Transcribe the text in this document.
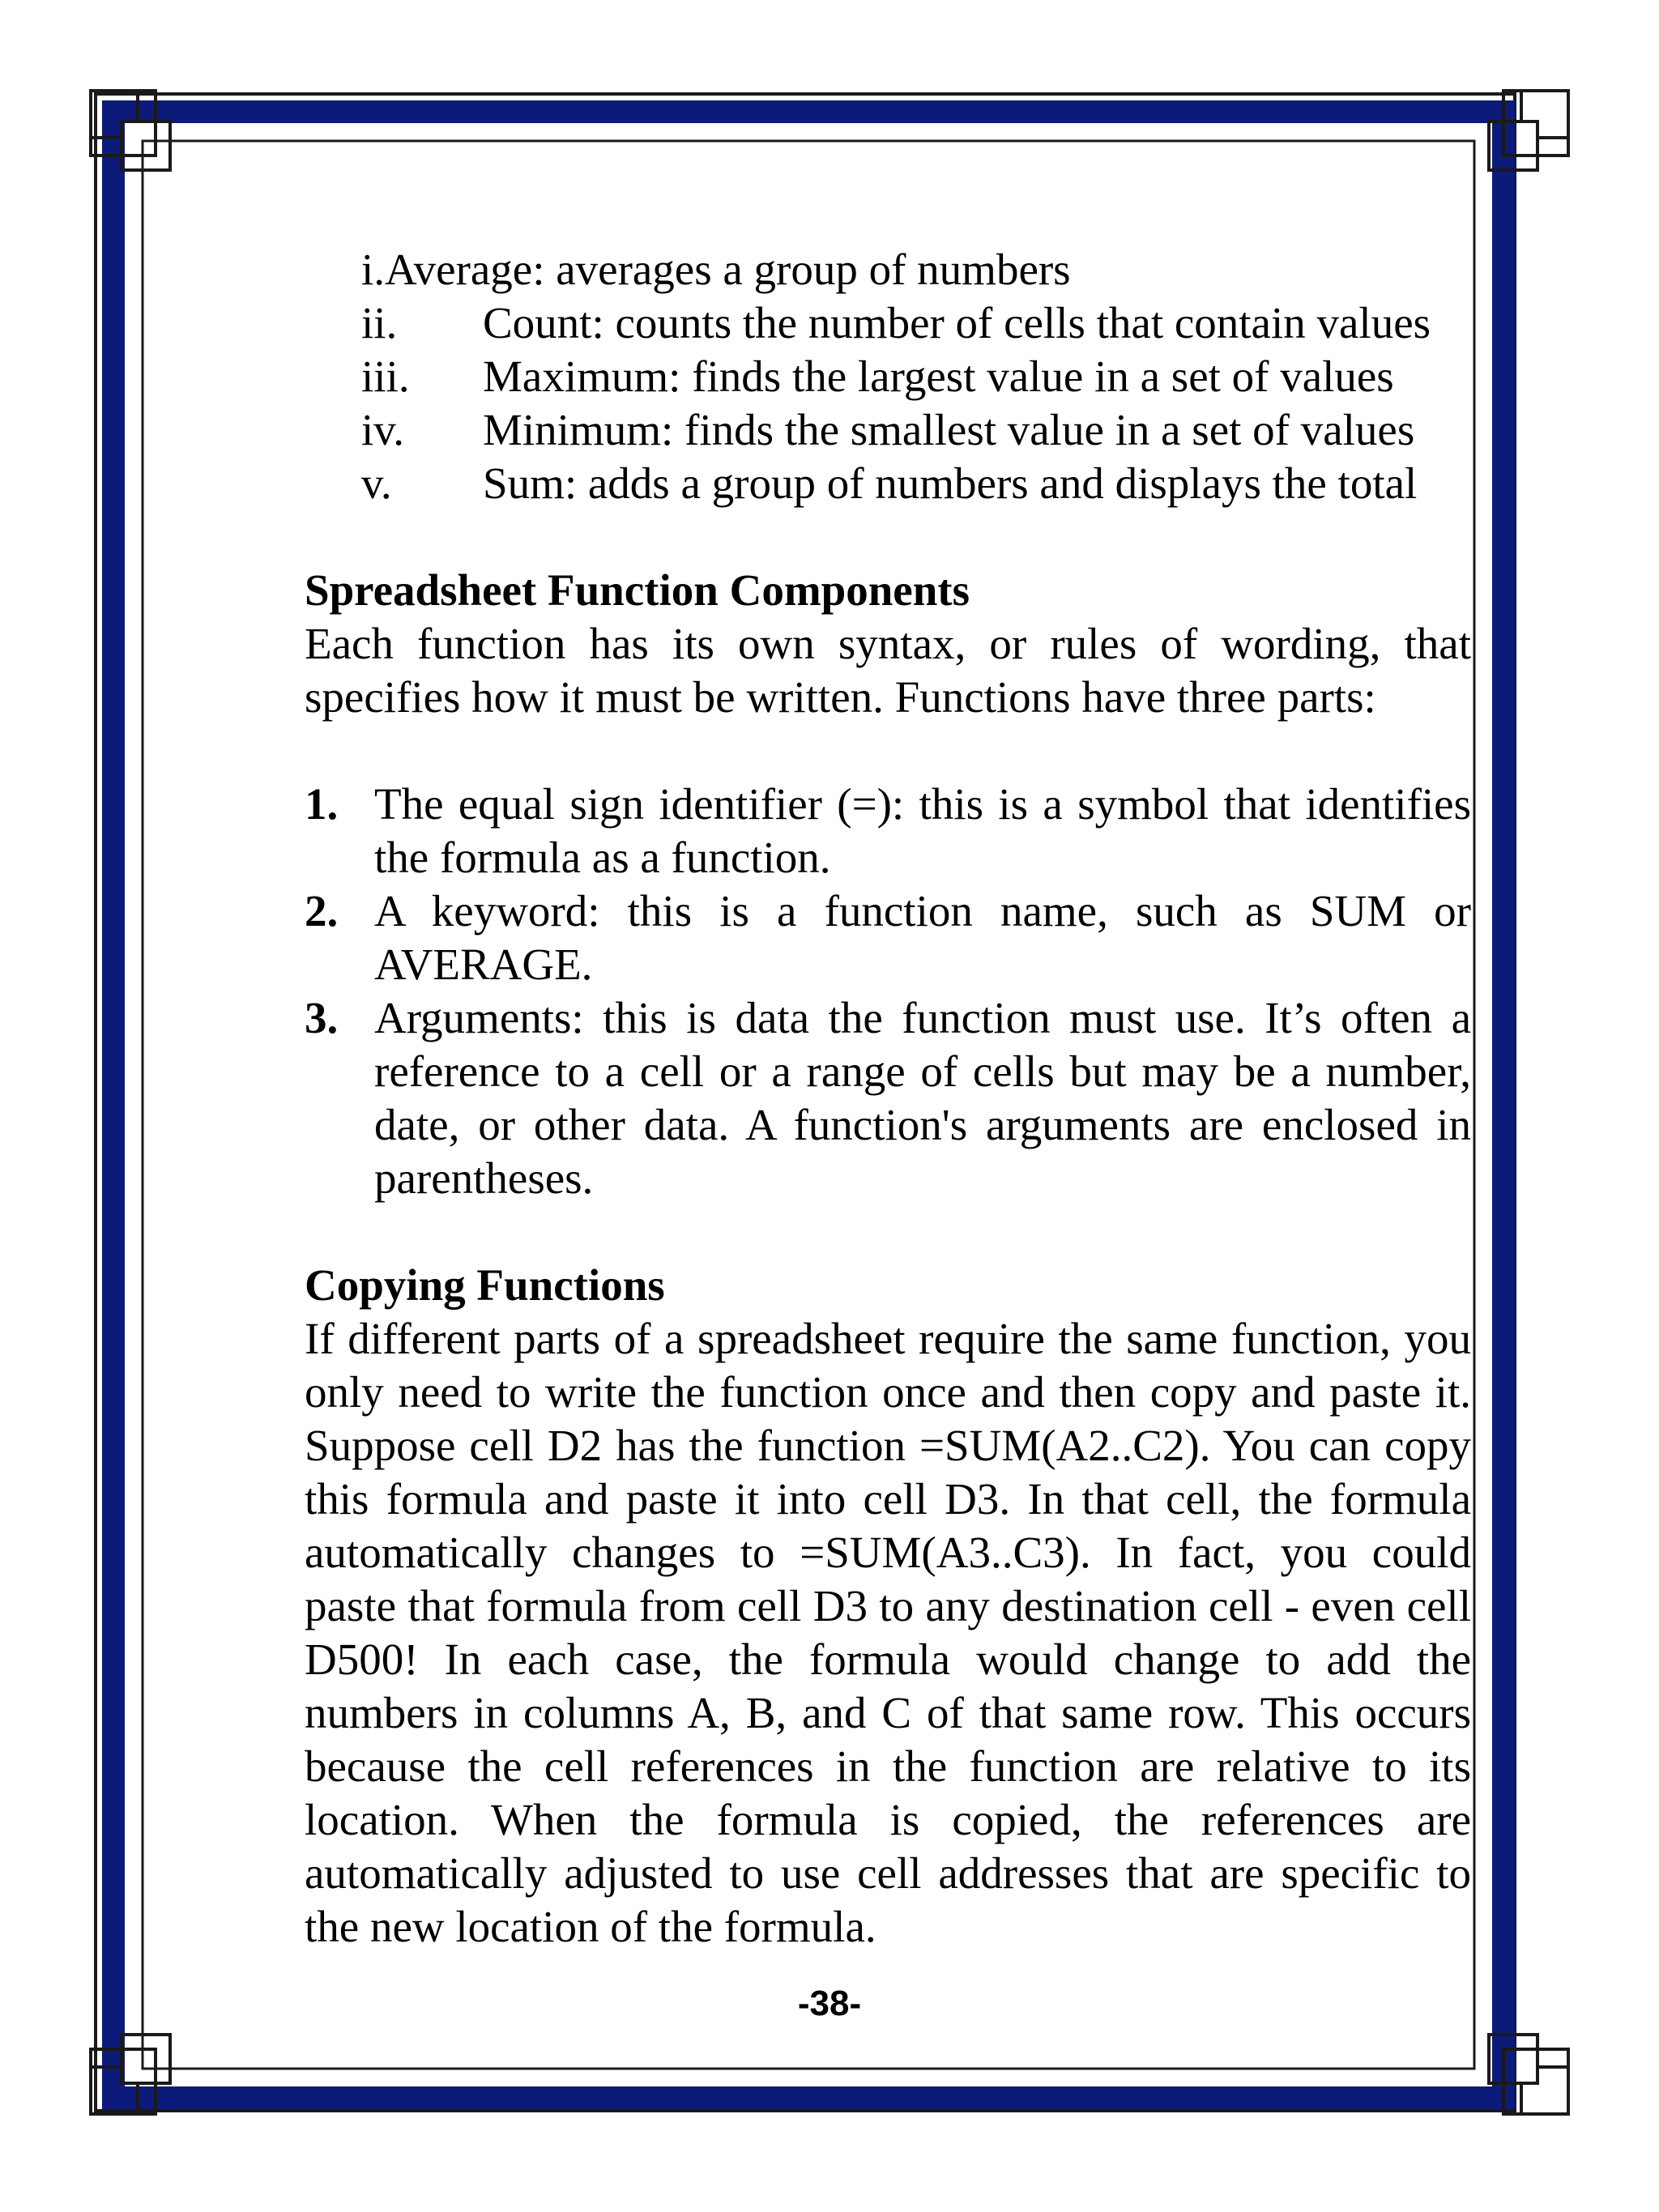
i. Average: averages a group of numbers
ii.	Count: counts the number of cells that contain values
iii.	Maximum: finds the largest value in a set of values
iv.	Minimum: finds the smallest value in a set of values
v.	Sum: adds a group of numbers and displays the total

Spreadsheet Function Components

Each function has its own syntax, or rules of wording, that specifies how it must be written. Functions have three parts:

1. The equal sign identifier (=): this is a symbol that identifies the formula as a function.
2. A keyword: this is a function name, such as SUM or AVERAGE.
3. Arguments: this is data the function must use. It’s often a reference to a cell or a range of cells but may be a number, date, or other data. A function's arguments are enclosed in parentheses.

Copying Functions

If different parts of a spreadsheet require the same function, you only need to write the function once and then copy and paste it. Suppose cell D2 has the function =SUM(A2..C2). You can copy this formula and paste it into cell D3. In that cell, the formula automatically changes to =SUM(A3..C3). In fact, you could paste that formula from cell D3 to any destination cell - even cell D500! In each case, the formula would change to add the numbers in columns A, B, and C of that same row. This occurs because the cell references in the function are relative to its location. When the formula is copied, the references are automatically adjusted to use cell addresses that are specific to the new location of the formula.

-38-
